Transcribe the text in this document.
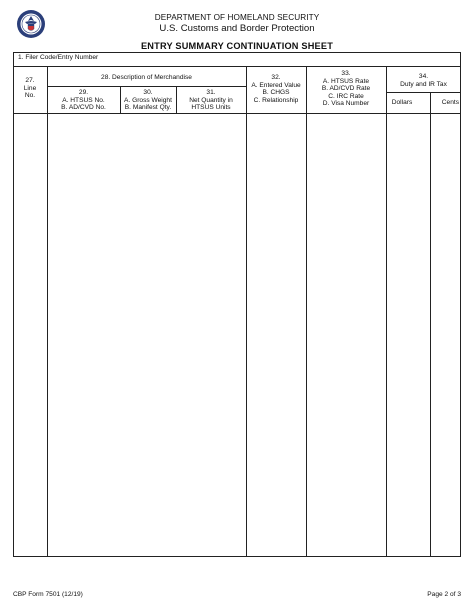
DEPARTMENT OF HOMELAND SECURITY
U.S. Customs and Border Protection
ENTRY SUMMARY CONTINUATION SHEET
1. Filer Code/Entry Number
27.
Line
No.
28. Description of Merchandise
29.
A. HTSUS No.
B. AD/CVD No.
30.
A. Gross Weight
B. Manifest Qty.
31.
Net Quantity in
HTSUS Units
32.
A. Entered Value
B. CHGS
C. Relationship
33.
A. HTSUS Rate
B. AD/CVD Rate
C. IRC Rate
D. Visa Number
34.
Duty and IR Tax
Dollars	Cents
CBP Form 7501 (12/19)	Page 2 of 3
